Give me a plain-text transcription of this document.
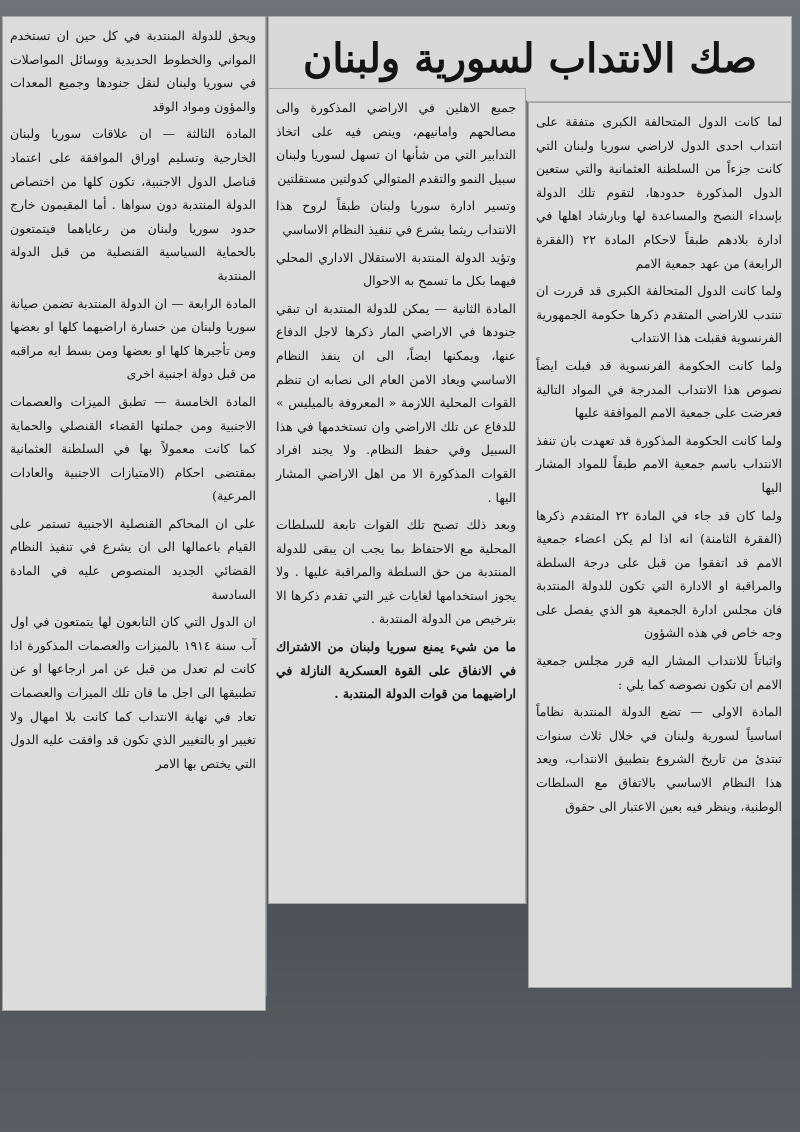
صك الانتداب لسورية ولبنان

لما كانت الدول المتحالفة الكبرى متفقة على انتداب احدى الدول لاراضي سوريا ولبنان التي كانت جزءاً من السلطنة العثمانية والتي ستعين الدول المذكورة حدودها، لتقوم تلك الدولة بإسداء النصح والمساعدة لها وبارشاد اهلها في ادارة بلادهم طبقاً لاحكام المادة ٢٢ (الفقرة الرابعة) من عهد جمعية الامم

ولما كانت الدول المتحالفة الكبرى قد قررت ان تنتدب للاراضي المتقدم ذكرها حكومة الجمهورية الفرنسوية فقبلت هذا الانتداب

ولما كانت الحكومة الفرنسوية قد قبلت ايضاً نصوص هذا الانتداب المدرجة في المواد التالية فعرضت على جمعية الامم الموافقة عليها

ولما كانت الحكومة المذكورة قد تعهدت بان تنفذ الانتداب باسم جمعية الامم طبقاً للمواد المشار اليها

ولما كان قد جاء في المادة ٢٢ المتقدم ذكرها (الفقرة الثامنة) انه اذا لم يكن اعضاء جمعية الامم قد اتفقوا من قبل على درجة السلطة والمراقبة او الادارة التي تكون للدولة المنتدبة فان مجلس ادارة الجمعية هو الذي يفصل على وجه خاص في هذه الشؤون

واثباتاً للانتداب المشار اليه قرر مجلس جمعية الامم ان تكون نصوصه كما يلي :

المادة الاولى — تضع الدولة المنتدبة نظاماً اساسياً لسورية ولبنان في خلال ثلاث سنوات تبتدئ من تاريخ الشروع بتطبيق الانتداب، ويعد هذا النظام الاساسي بالاتفاق مع السلطات الوطنية، وينظر فيه بعين الاعتبار الى حقوق

جميع الاهلين في الاراضي المذكورة والى مصالحهم وامانيهم، وينص فيه على اتخاذ التدابير التي من شأنها ان تسهل لسوريا ولبنان سبيل النمو والتقدم المتوالي كدولتين مستقلتين

وتسير ادارة سوريا ولبنان طبقاً لروح هذا الانتداب ريثما يشرع في تنفيذ النظام الاساسي

وتؤيد الدولة المنتدبة الاستقلال الاداري المحلي فيهما بكل ما تسمح به الاحوال

المادة الثانية — يمكن للدولة المنتدبة ان تبقي جنودها في الاراضي المار ذكرها لاجل الدفاع عنها، ويمكنها ايضاً، الى ان ينفذ النظام الاساسي ويعاد الامن العام الى نصابه ان تنظم القوات المحلية اللازمة « المعروفة بالميليس » للدفاع عن تلك الاراضي وان تستخدمها في هذا السبيل وفي حفظ النظام. ولا يجند افراد القوات المذكورة الا من اهل الاراضي المشار اليها .

وبعد ذلك تصبح تلك القوات تابعة للسلطات المحلية مع الاحتفاظ بما يجب ان يبقى للدولة المنتدبة من حق السلطة والمراقبة عليها . ولا يجوز استخدامها لغايات غير التي تقدم ذكرها الا بترخيص من الدولة المنتدبة .

ما من شيء يمنع سوريا ولبنان من الاشتراك في الانفاق على القوة العسكرية النازلة في اراضيهما من قوات الدولة المنتدبة .

ويحق للدولة المنتدبة في كل حين ان تستخدم المواني والخطوط الحديدية ووسائل المواصلات في سوريا ولبنان لنقل جنودها وجميع المعدات والمؤون ومواد الوقد

المادة الثالثة — ان علاقات سوريا ولبنان الخارجية وتسليم اوراق الموافقة على اعتماد قناصل الدول الاجنبية، تكون كلها من اختصاص الدولة المنتدبة دون سواها . أما المقيمون خارج حدود سوريا ولبنان من رعاياهما فيتمتعون بالحماية السياسية القنصلية من قبل الدولة المنتدبة

المادة الرابعة — ان الدولة المنتدبة تضمن صيانة سوريا ولبنان من خسارة اراضيهما كلها او بعضها ومن تأجيرها كلها او بعضها ومن بسط ايه مراقبه من قبل دولة اجنبية اخرى

المادة الخامسة — تطبق الميزات والعصمات الاجنبية ومن جملتها القضاء القنصلي والحماية كما كانت معمولاً بها في السلطنة العثمانية بمقتضى احكام (الامتيازات الاجنبية والعادات المرعية)

على ان المحاكم القنصلية الاجنبية تستمر على القيام باعمالها الى ان يشرع في تنفيذ النظام القضائي الجديد المنصوص عليه في المادة السادسة

ان الدول التي كان التابعون لها يتمتعون في اول آب سنة ١٩١٤ بالميزات والعصمات المذكورة اذا كانت لم تعدل من قبل عن امر ارجاعها او عن تطبيقها الى اجل ما فان تلك الميزات والعصمات تعاد في نهاية الانتداب كما كانت بلا امهال ولا تغيير او بالتغيير الذي تكون قد وافقت عليه الدول التي يختص بها الامر
